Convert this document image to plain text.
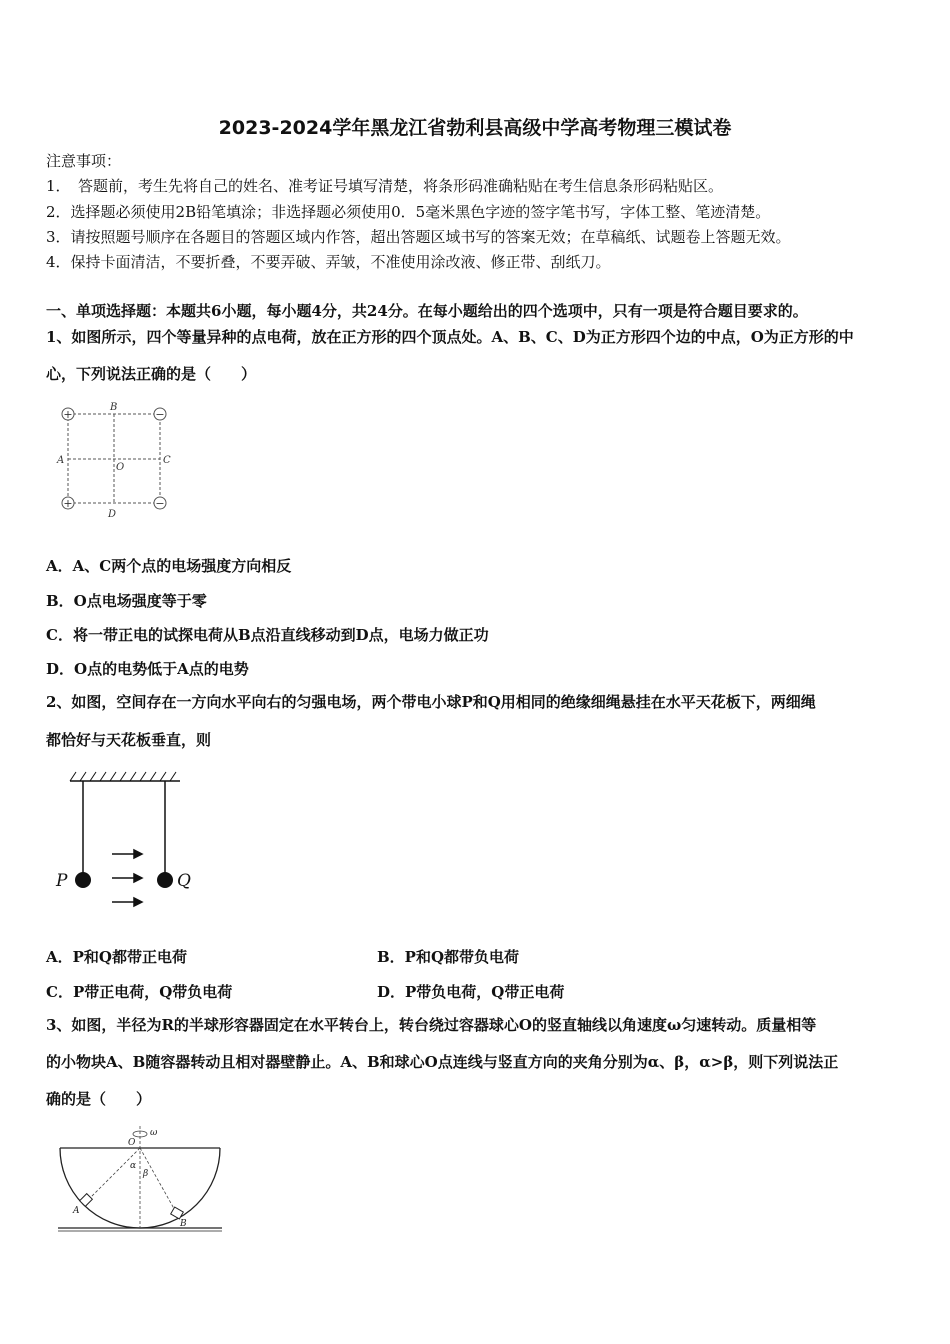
2023-2024学年黑龙江省勃利县高级中学高考物理三模试卷
注意事项：
1．　答题前，考生先将自己的姓名、准考证号填写清楚，将条形码准确粘贴在考生信息条形码粘贴区。
2．选择题必须使用2B铅笔填涂；非选择题必须使用0．5毫米黑色字迹的签字笔书写，字体工整、笔迹清楚。
3．请按照题号顺序在各题目的答题区域内作答，超出答题区域书写的答案无效；在草稿纸、试题卷上答题无效。
4．保持卡面清洁，不要折叠，不要弄破、弄皱，不准使用涂改液、修正带、刮纸刀。
一、单项选择题：本题共6小题，每小题4分，共24分。在每小题给出的四个选项中，只有一项是符合题目要求的。
1、如图所示，四个等量异种的点电荷，放在正方形的四个顶点处。A、B、C、D为正方形四个边的中点，O为正方形的中
心，下列说法正确的是（　　）
+	−
+	−
B
A	C
O
D
A．A、C两个点的电场强度方向相反
B．O点电场强度等于零
C．将一带正电的试探电荷从B点沿直线移动到D点，电场力做正功
D．O点的电势低于A点的电势
2、如图，空间存在一方向水平向右的匀强电场，两个带电小球P和Q用相同的绝缘细绳悬挂在水平天花板下，两细绳
都恰好与天花板垂直，则
P	Q
A．P和Q都带正电荷	B．P和Q都带负电荷
C．P带正电荷，Q带负电荷	D．P带负电荷，Q带正电荷
3、如图，半径为R的半球形容器固定在水平转台上，转台绕过容器球心O的竖直轴线以角速度ω匀速转动。质量相等
的小物块A、B随容器转动且相对器壁静止。A、B和球心O点连线与竖直方向的夹角分别为α、β，α>β，则下列说法正
确的是（　　）
O
ω
α
β
A
B
